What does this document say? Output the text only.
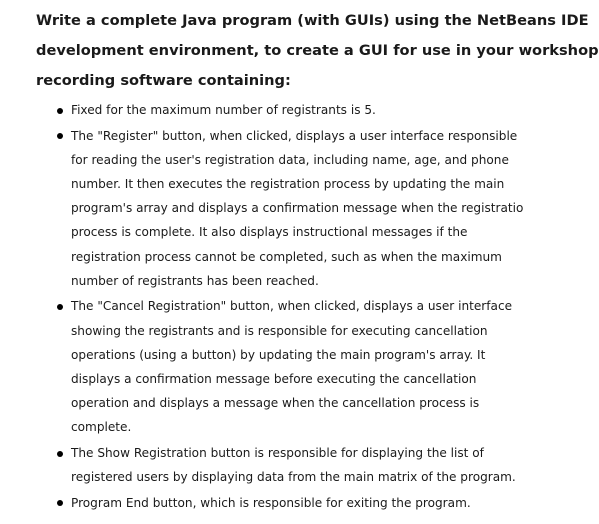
Write a complete Java program (with GUIs) using the NetBeans IDE
development environment, to create a GUI for use in your workshop
recording software containing:
Fixed for the maximum number of registrants is 5.
The "Register" button, when clicked, displays a user interface responsible
for reading the user's registration data, including name, age, and phone
number. It then executes the registration process by updating the main
program's array and displays a confirmation message when the registratio
process is complete. It also displays instructional messages if the
registration process cannot be completed, such as when the maximum
number of registrants has been reached.
The "Cancel Registration" button, when clicked, displays a user interface
showing the registrants and is responsible for executing cancellation
operations (using a button) by updating the main program's array. It
displays a confirmation message before executing the cancellation
operation and displays a message when the cancellation process is
complete.
The Show Registration button is responsible for displaying the list of
registered users by displaying data from the main matrix of the program.
Program End button, which is responsible for exiting the program.
